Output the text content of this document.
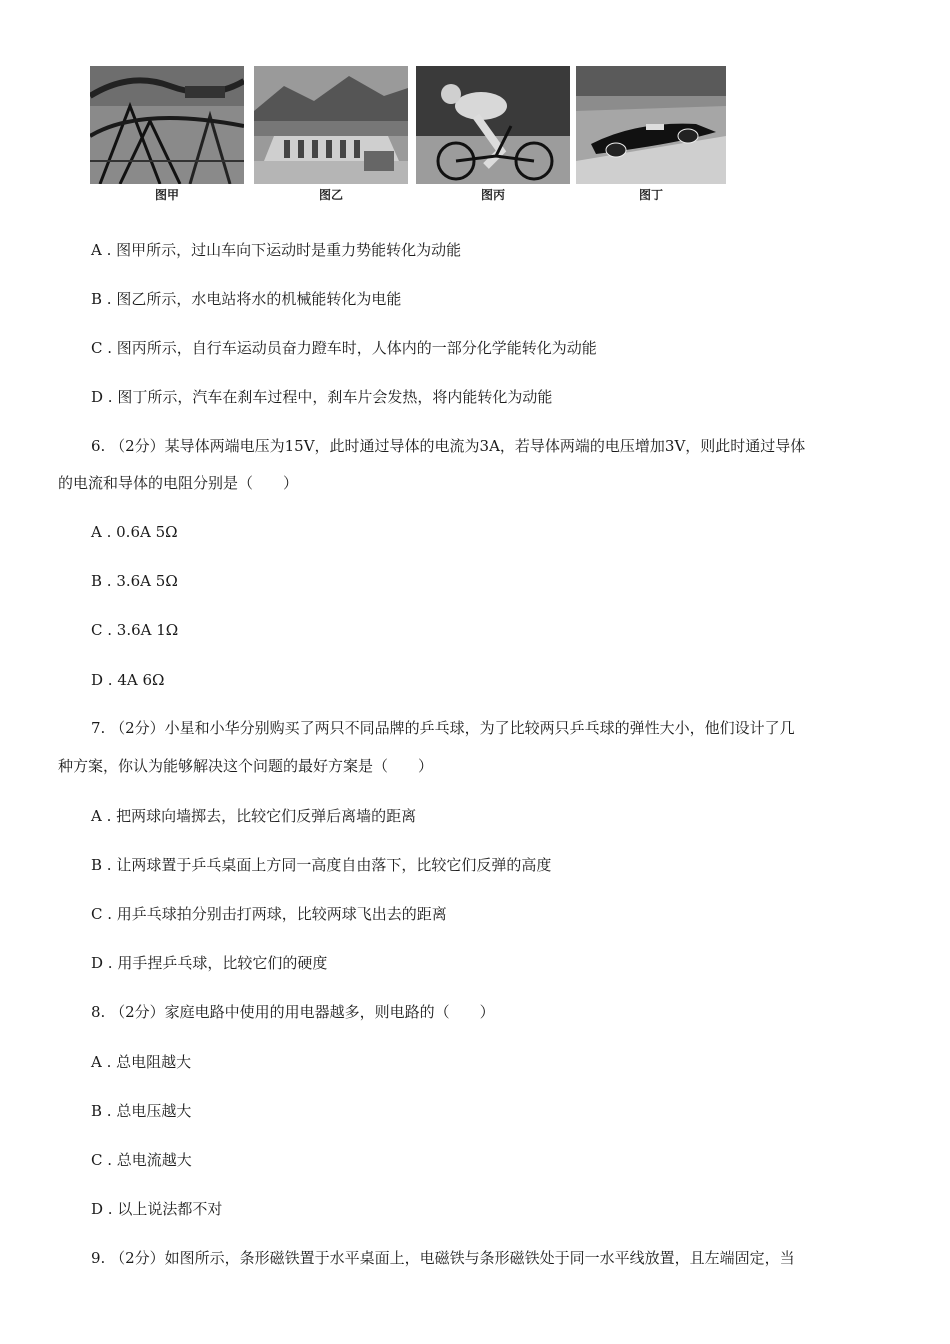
图甲	图乙	图丙	图丁
A . 图甲所示，过山车向下运动时是重力势能转化为动能
B . 图乙所示，水电站将水的机械能转化为电能
C . 图丙所示，自行车运动员奋力蹬车时，人体内的一部分化学能转化为动能
D . 图丁所示，汽车在刹车过程中，刹车片会发热，将内能转化为动能
6. （2分）某导体两端电压为15V，此时通过导体的电流为3A，若导体两端的电压增加3V，则此时通过导体
的电流和导体的电阻分别是（　　）
A . 0.6A 5Ω
B . 3.6A 5Ω
C . 3.6A 1Ω
D . 4A 6Ω
7. （2分）小星和小华分别购买了两只不同品牌的乒乓球，为了比较两只乒乓球的弹性大小，他们设计了几
种方案，你认为能够解决这个问题的最好方案是（　　）
A . 把两球向墙掷去，比较它们反弹后离墙的距离
B . 让两球置于乒乓桌面上方同一高度自由落下，比较它们反弹的高度
C . 用乒乓球拍分别击打两球，比较两球飞出去的距离
D . 用手捏乒乓球，比较它们的硬度
8. （2分）家庭电路中使用的用电器越多，则电路的（　　）
A . 总电阻越大
B . 总电压越大
C . 总电流越大
D . 以上说法都不对
9. （2分）如图所示，条形磁铁置于水平桌面上，电磁铁与条形磁铁处于同一水平线放置，且左端固定，当
